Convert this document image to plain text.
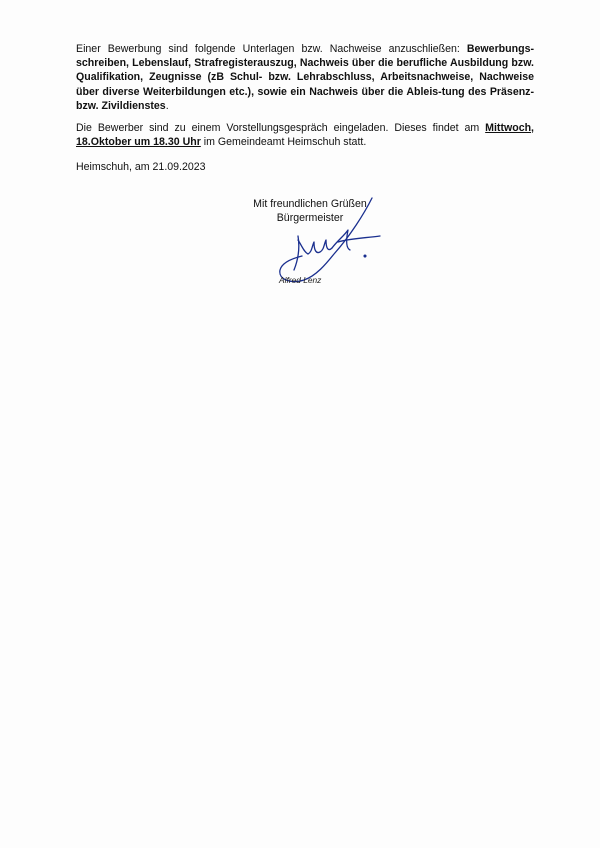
Einer Bewerbung sind folgende Unterlagen bzw. Nachweise anzuschließen: Bewerbungs-schreiben, Lebenslauf, Strafregisterauszug, Nachweis über die berufliche Ausbildung bzw. Qualifikation, Zeugnisse (zB Schul- bzw. Lehrabschluss, Arbeitsnachweise, Nachweise über diverse Weiterbildungen etc.), sowie ein Nachweis über die Ableis-tung des Präsenz- bzw. Zivildienstes.

Die Bewerber sind zu einem Vorstellungsgespräch eingeladen. Dieses findet am Mittwoch, 18.Oktober um 18.30 Uhr im Gemeindeamt Heimschuh statt.

Heimschuh, am 21.09.2023

Mit freundlichen Grüßen

Bürgermeister

Alfred Lenz
